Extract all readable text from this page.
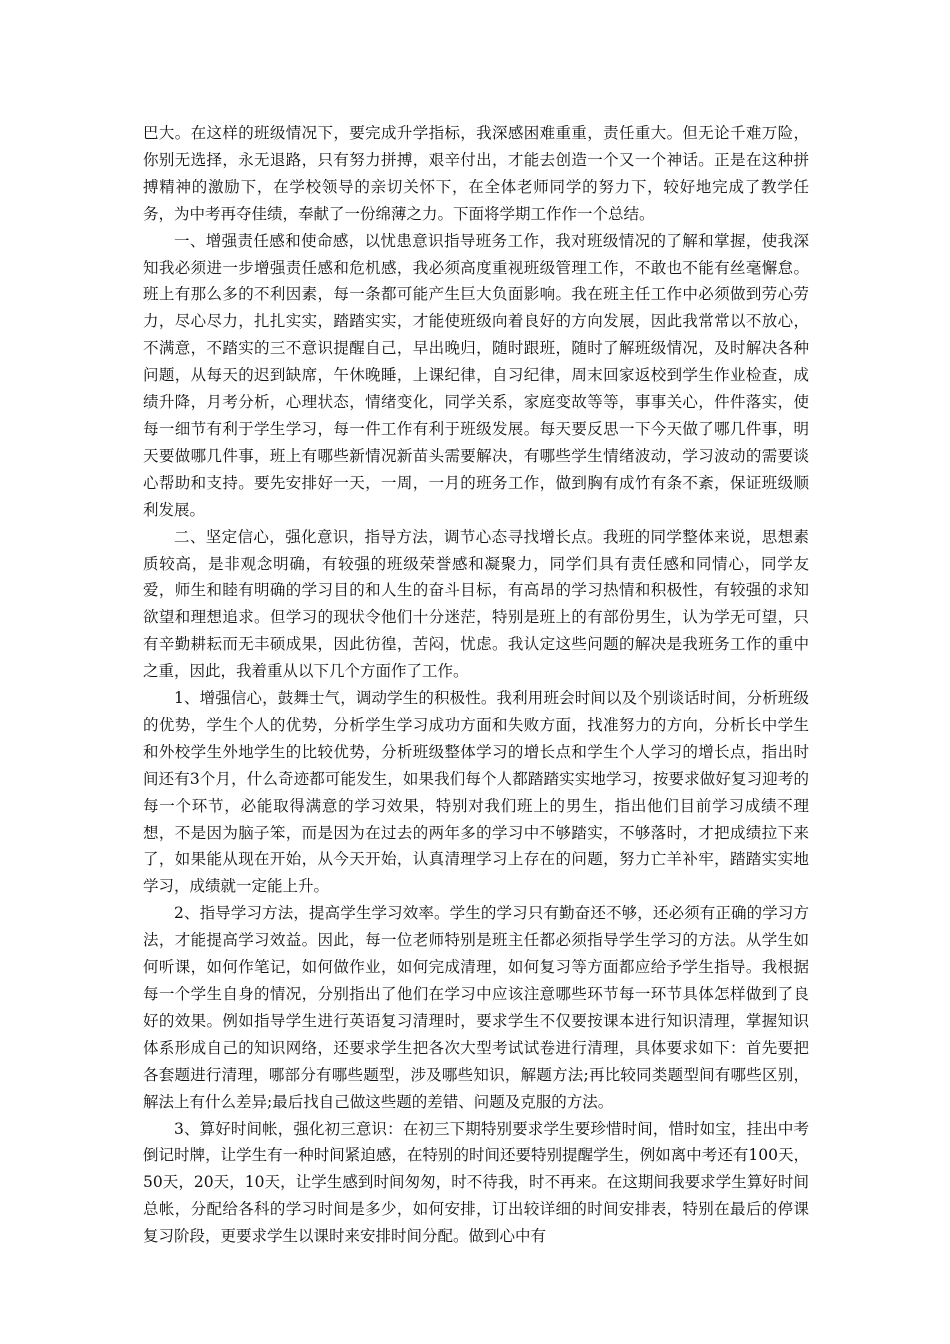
巴大。在这样的班级情况下，要完成升学指标，我深感困难重重，责任重大。但无论千难万险，你别无选择，永无退路，只有努力拼搏，艰辛付出，才能去创造一个又一个神话。正是在这种拼搏精神的激励下，在学校领导的亲切关怀下，在全体老师同学的努力下，较好地完成了教学任务，为中考再夺佳绩，奉献了一份绵薄之力。下面将学期工作作一个总结。

一、增强责任感和使命感，以忧患意识指导班务工作，我对班级情况的了解和掌握，使我深知我必须进一步增强责任感和危机感，我必须高度重视班级管理工作，不敢也不能有丝毫懈怠。班上有那么多的不利因素，每一条都可能产生巨大负面影响。我在班主任工作中必须做到劳心劳力，尽心尽力，扎扎实实，踏踏实实，才能使班级向着良好的方向发展，因此我常常以不放心，不满意，不踏实的三不意识提醒自己，早出晚归，随时跟班，随时了解班级情况，及时解决各种问题，从每天的迟到缺席，午休晚睡，上课纪律，自习纪律，周末回家返校到学生作业检查，成绩升降，月考分析，心理状态，情绪变化，同学关系，家庭变故等等，事事关心，件件落实，使每一细节有利于学生学习，每一件工作有利于班级发展。每天要反思一下今天做了哪几件事，明天要做哪几件事，班上有哪些新情况新苗头需要解决，有哪些学生情绪波动，学习波动的需要谈心帮助和支持。要先安排好一天，一周，一月的班务工作，做到胸有成竹有条不紊，保证班级顺利发展。

二、坚定信心，强化意识，指导方法，调节心态寻找增长点。我班的同学整体来说，思想素质较高，是非观念明确，有较强的班级荣誉感和凝聚力，同学们具有责任感和同情心，同学友爱，师生和睦有明确的学习目的和人生的奋斗目标，有高昂的学习热情和积极性，有较强的求知欲望和理想追求。但学习的现状令他们十分迷茫，特别是班上的有部份男生，认为学无可望，只有辛勤耕耘而无丰硕成果，因此彷徨，苦闷，忧虑。我认定这些问题的解决是我班务工作的重中之重，因此，我着重从以下几个方面作了工作。

1、增强信心，鼓舞士气，调动学生的积极性。我利用班会时间以及个别谈话时间，分析班级的优势，学生个人的优势，分析学生学习成功方面和失败方面，找准努力的方向，分析长中学生和外校学生外地学生的比较优势，分析班级整体学习的增长点和学生个人学习的增长点，指出时间还有3个月，什么奇迹都可能发生，如果我们每个人都踏踏实实地学习，按要求做好复习迎考的每一个环节，必能取得满意的学习效果，特别对我们班上的男生，指出他们目前学习成绩不理想，不是因为脑子笨，而是因为在过去的两年多的学习中不够踏实，不够落时，才把成绩拉下来了，如果能从现在开始，从今天开始，认真清理学习上存在的问题，努力亡羊补牢，踏踏实实地学习，成绩就一定能上升。

2、指导学习方法，提高学生学习效率。学生的学习只有勤奋还不够，还必须有正确的学习方法，才能提高学习效益。因此，每一位老师特别是班主任都必须指导学生学习的方法。从学生如何听课，如何作笔记，如何做作业，如何完成清理，如何复习等方面都应给予学生指导。我根据每一个学生自身的情况，分别指出了他们在学习中应该注意哪些环节每一环节具体怎样做到了良好的效果。例如指导学生进行英语复习清理时，要求学生不仅要按课本进行知识清理，掌握知识体系形成自己的知识网络，还要求学生把各次大型考试试卷进行清理，具体要求如下：首先要把各套题进行清理，哪部分有哪些题型，涉及哪些知识，解题方法;再比较同类题型间有哪些区别，解法上有什么差异;最后找自己做这些题的差错、问题及克服的方法。

3、算好时间帐，强化初三意识：在初三下期特别要求学生要珍惜时间，惜时如宝，挂出中考倒记时牌，让学生有一种时间紧迫感，在特别的时间还要特别提醒学生，例如离中考还有100天，50天，20天，10天，让学生感到时间匆匆，时不待我，时不再来。在这期间我要求学生算好时间总帐，分配给各科的学习时间是多少，如何安排，订出较详细的时间安排表，特别在最后的停课复习阶段，更要求学生以课时来安排时间分配。做到心中有
